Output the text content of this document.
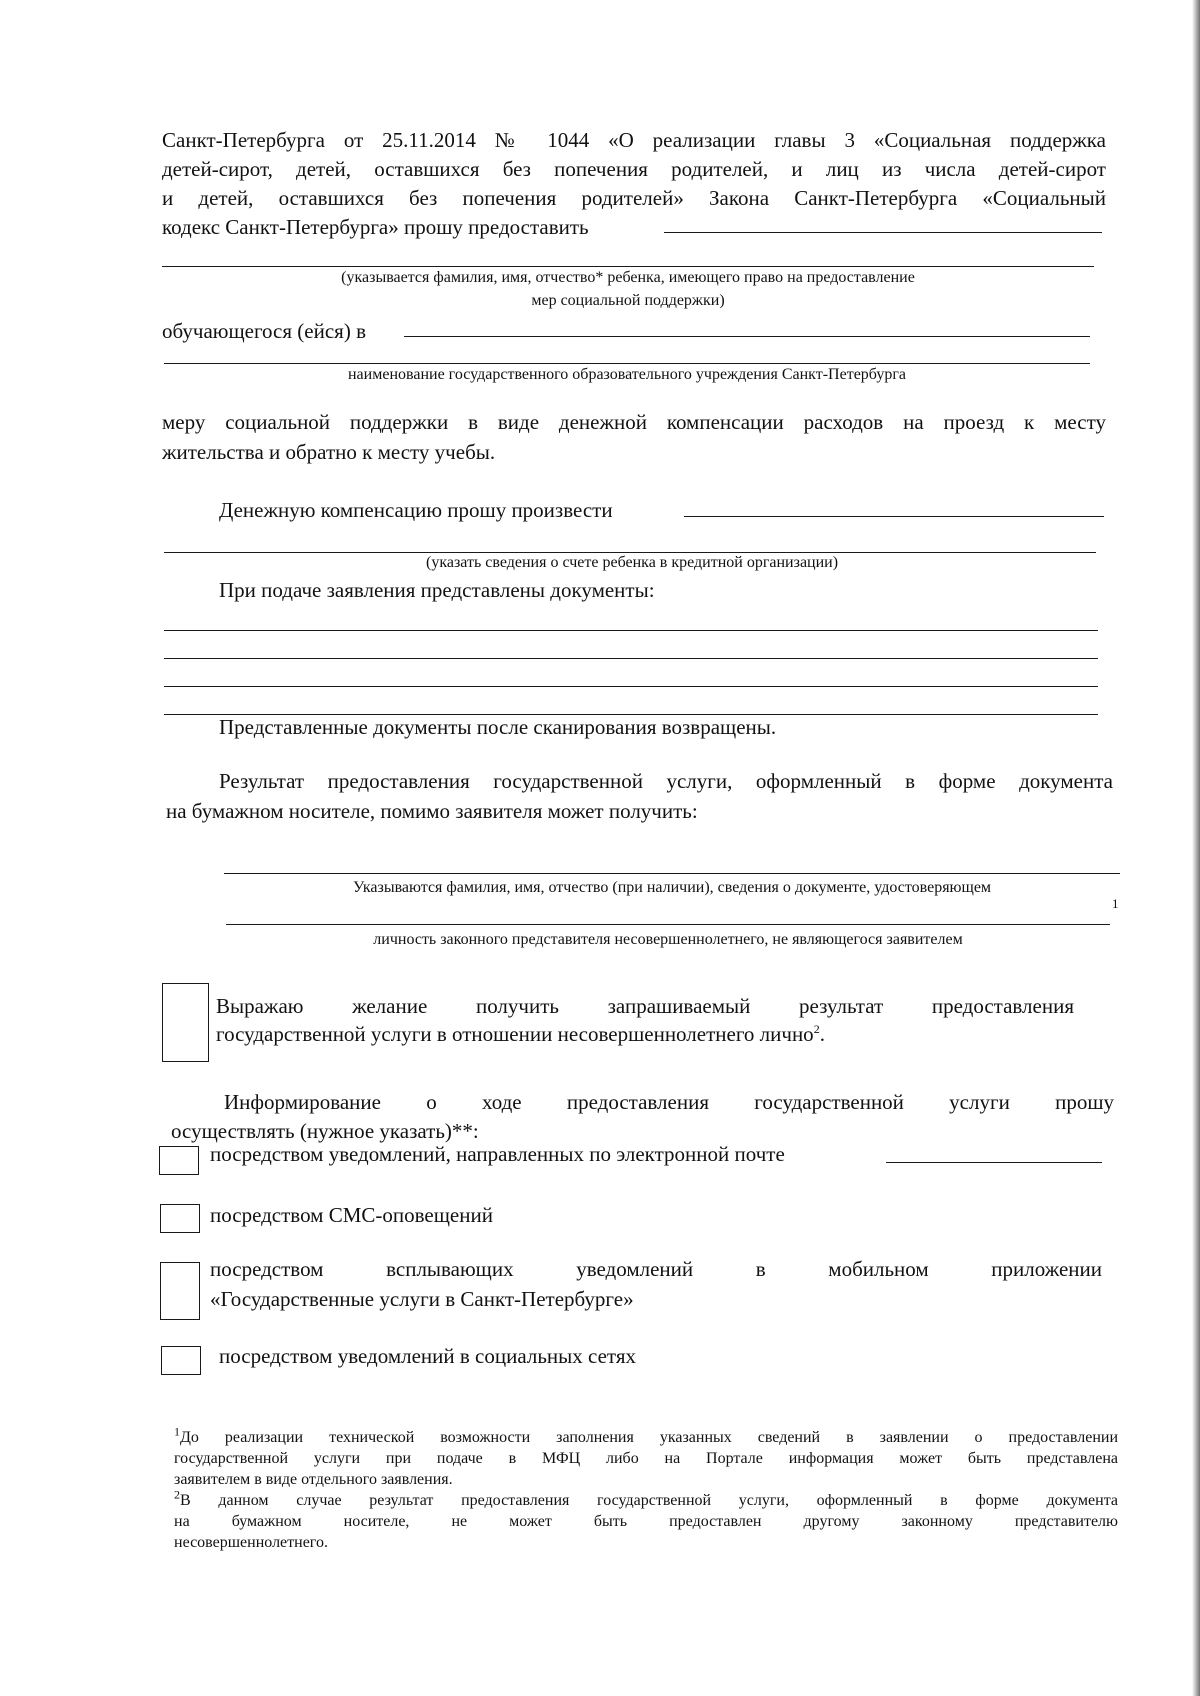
Санкт-Петербурга от 25.11.2014 № 1044 «О реализации главы 3 «Социальная поддержка
детей-сирот, детей, оставшихся без попечения родителей, и лиц из числа детей-сирот
и детей, оставшихся без попечения родителей» Закона Санкт-Петербурга «Социальный
кодекс Санкт-Петербурга» прошу предоставить
(указывается фамилия, имя, отчество* ребенка, имеющего право на предоставление
мер социальной поддержки)
обучающегося (ейся) в
наименование государственного образовательного учреждения Санкт-Петербурга
меру социальной поддержки в виде денежной компенсации расходов на проезд к месту
жительства и обратно к месту учебы.
Денежную компенсацию прошу произвести
(указать сведения о счете ребенка в кредитной организации)
При подаче заявления представлены документы:
Представленные документы после сканирования возвращены.
Результат предоставления государственной услуги, оформленный в форме документа
на бумажном носителе, помимо заявителя может получить:
Указываются фамилия, имя, отчество (при наличии), сведения о документе, удостоверяющем
1
личность законного представителя несовершеннолетнего, не являющегося заявителем
Выражаю желание получить запрашиваемый результат предоставления
государственной услуги в отношении несовершеннолетнего лично$^2$.
Информирование о ходе предоставления государственной услуги прошу
осуществлять (нужное указать)**:
посредством уведомлений, направленных по электронной почте
посредством СМС-оповещений
посредством всплывающих уведомлений в мобильном приложении
«Государственные услуги в Санкт-Петербурге»
посредством уведомлений в социальных сетях
$^1$До реализации технической возможности заполнения указанных сведений в заявлении о предоставлении
государственной услуги при подаче в МФЦ либо на Портале информация может быть представлена
заявителем в виде отдельного заявления.
$^2$В данном случае результат предоставления государственной услуги, оформленный в форме документа
на бумажном носителе, не может быть предоставлен другому законному представителю
несовершеннолетнего.
